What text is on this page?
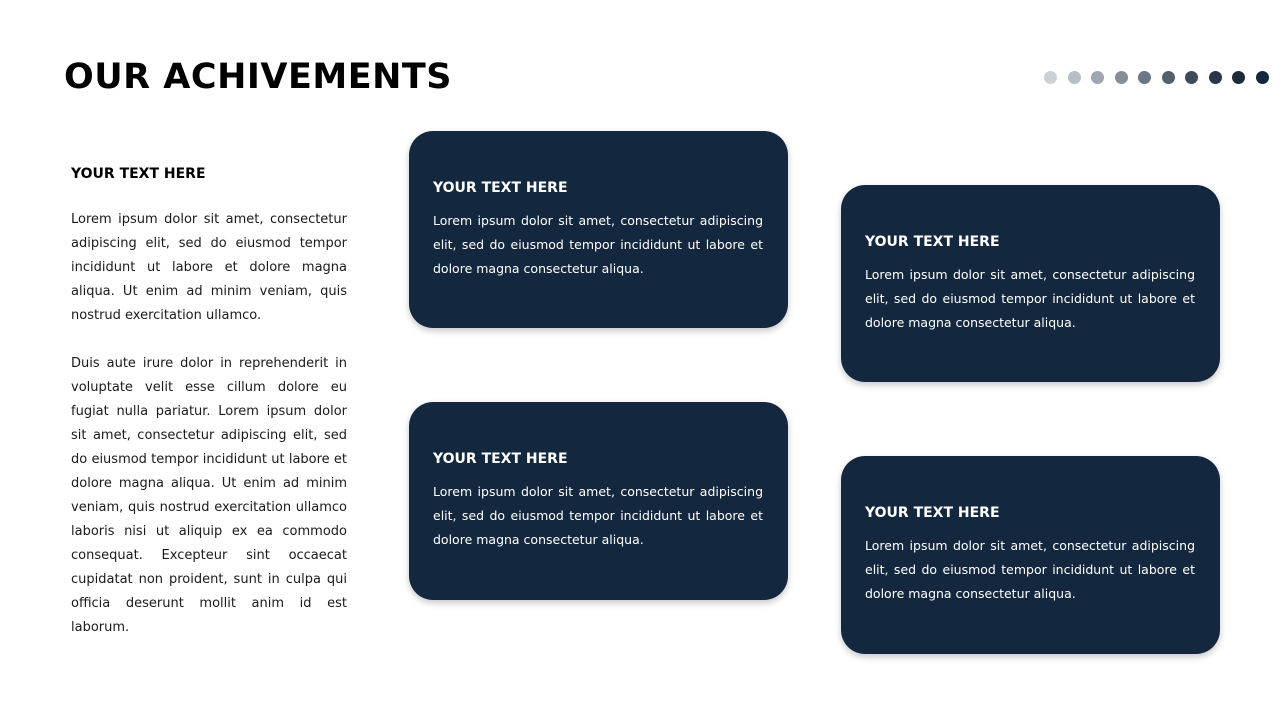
OUR ACHIVEMENTS

YOUR TEXT HERE

Lorem ipsum dolor sit amet, consectetur adipiscing elit, sed do eiusmod tempor incididunt ut labore et dolore magna aliqua. Ut enim ad minim veniam, quis nostrud exercitation ullamco.

Duis aute irure dolor in reprehenderit in voluptate velit esse cillum dolore eu fugiat nulla pariatur. Lorem ipsum dolor sit amet, consectetur adipiscing elit, sed do eiusmod tempor incididunt ut labore et dolore magna aliqua. Ut enim ad minim veniam, quis nostrud exercitation ullamco laboris nisi ut aliquip ex ea commodo consequat. Excepteur sint occaecat cupidatat non proident, sunt in culpa qui officia deserunt mollit anim id est laborum.

YOUR TEXT HERE

Lorem ipsum dolor sit amet, consectetur adipiscing elit, sed do eiusmod tempor incididunt ut labore et dolore magna consectetur aliqua.

YOUR TEXT HERE

Lorem ipsum dolor sit amet, consectetur adipiscing elit, sed do eiusmod tempor incididunt ut labore et dolore magna consectetur aliqua.

YOUR TEXT HERE

Lorem ipsum dolor sit amet, consectetur adipiscing elit, sed do eiusmod tempor incididunt ut labore et dolore magna consectetur aliqua.

YOUR TEXT HERE

Lorem ipsum dolor sit amet, consectetur adipiscing elit, sed do eiusmod tempor incididunt ut labore et dolore magna consectetur aliqua.
